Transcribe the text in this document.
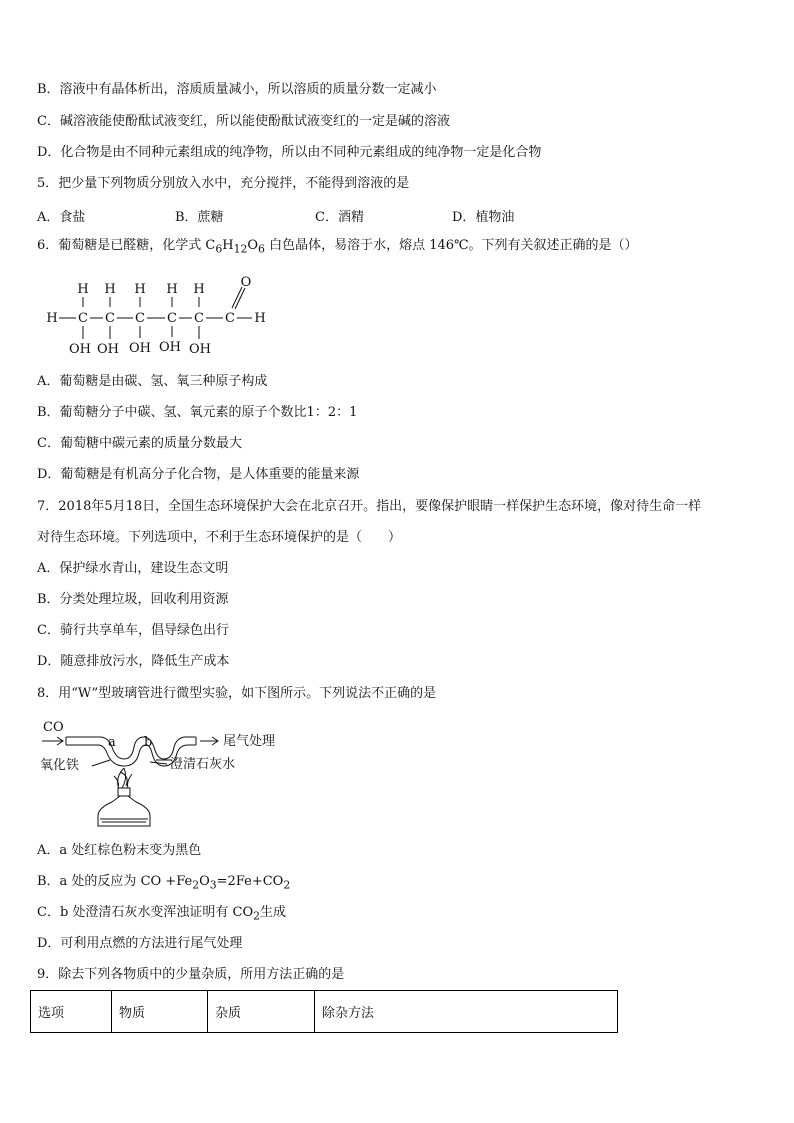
B．溶液中有晶体析出，溶质质量减小，所以溶质的质量分数一定减小
C．碱溶液能使酚酞试液变红，所以能使酚酞试液变红的一定是碱的溶液
D．化合物是由不同种元素组成的纯净物，所以由不同种元素组成的纯净物一定是化合物
5．把少量下列物质分别放入水中，充分搅拌，不能得到溶液的是
A．食盐	B．蔗糖	C．酒精	D．植物油
6．葡萄糖是已醛糖，化学式 $C_6H_{12}O_6$ 白色晶体，易溶于水，熔点 146℃。下列有关叙述正确的是（）
H H H H H
H C C C C C C H
OH OH OH OH OH
O
A．葡萄糖是由碳、氢、氧三种原子构成
B．葡萄糖分子中碳、氢、氧元素的原子个数比1：2：1
C．葡萄糖中碳元素的质量分数最大
D．葡萄糖是有机高分子化合物，是人体重要的能量来源
7．2018年5月18日，全国生态环境保护大会在北京召开。指出，要像保护眼睛一样保护生态环境，像对待生命一样
对待生态环境。下列选项中，不利于生态环境保护的是（　　）
A．保护绿水青山，建设生态文明
B．分类处理垃圾，回收利用资源
C．骑行共享单车，倡导绿色出行
D．随意排放污水，降低生产成本
8．用“W”型玻璃管进行微型实验，如下图所示。下列说法不正确的是
CO
a b	尾气处理
氧化铁	澄清石灰水
A．a 处红棕色粉末变为黑色
B．a 处的反应为 CO $+Fe_2O_3=2Fe+CO_2$
C．b 处澄清石灰水变浑浊证明有 $CO_2$生成
D．可利用点燃的方法进行尾气处理
9．除去下列各物质中的少量杂质，所用方法正确的是
选项	物质	杂质	除杂方法
